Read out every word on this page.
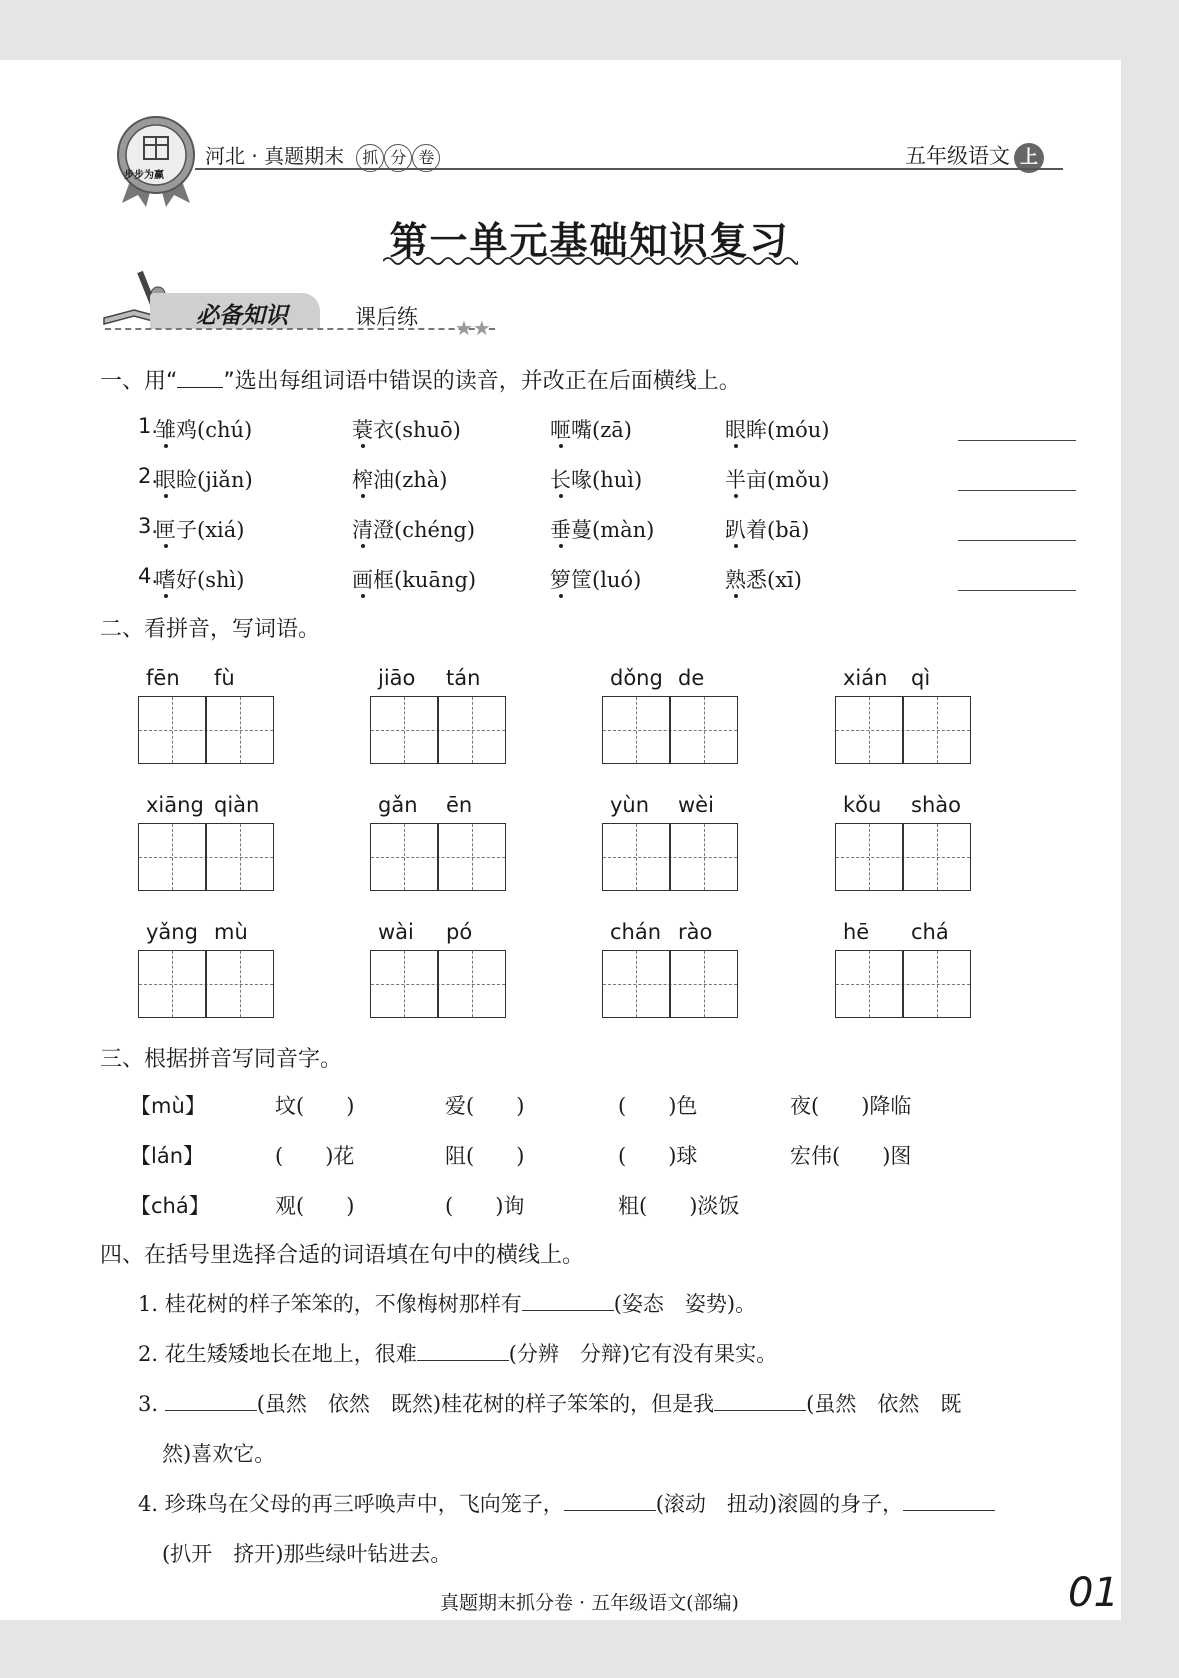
步步为赢
河北 · 真题期末 抓 分 卷	五年级语文 上
第一单元基础知识复习
必备知识	课后练 ★★
一、用“ ”选出每组词语中错误的读音，并改正在后面横线上。
1.
雏鸡(chú)	蓑衣(shuō)	咂嘴(zā)	眼眸(móu)
2.
眼睑(jiǎn)	榨油(zhà)	长喙(huì)	半亩(mǒu)
3.
匣子(xiá)	清澄(chéng)	垂蔓(màn)	趴着(bā)
4.
嗜好(shì)	画框(kuāng)	箩筐(luó)	熟悉(xī)
二、看拼音，写词语。
fēn fù	jiāo tán	dǒng de	xián qì
xiāng qiàn	gǎn ēn	yùn wèi	kǒu shào
yǎng mù	wài pó	chán rào	hē chá
三、根据拼音写同音字。
【mù】	坟(　　)	爱(　　)	(　　)色	夜(　　)降临
【lán】	(　　)花	阻(　　)	(　　)球	宏伟(　　)图
【chá】	观(　　)	(　　)询	粗(　　)淡饭
四、在括号里选择合适的词语填在句中的横线上。
1. 桂花树的样子笨笨的，不像梅树那样有	(姿态　姿势)。
2. 花生矮矮地长在地上，很难	(分辨　分辩)它有没有果实。
3.	(虽然　依然　既然)桂花树的样子笨笨的，但是我	(虽然　依然　既
然)喜欢它。
4. 珍珠鸟在父母的再三呼唤声中，飞向笼子，	(滚动　扭动)滚圆的身子，
(扒开　挤开)那些绿叶钻进去。
真题期末抓分卷 · 五年级语文(部编)	01
